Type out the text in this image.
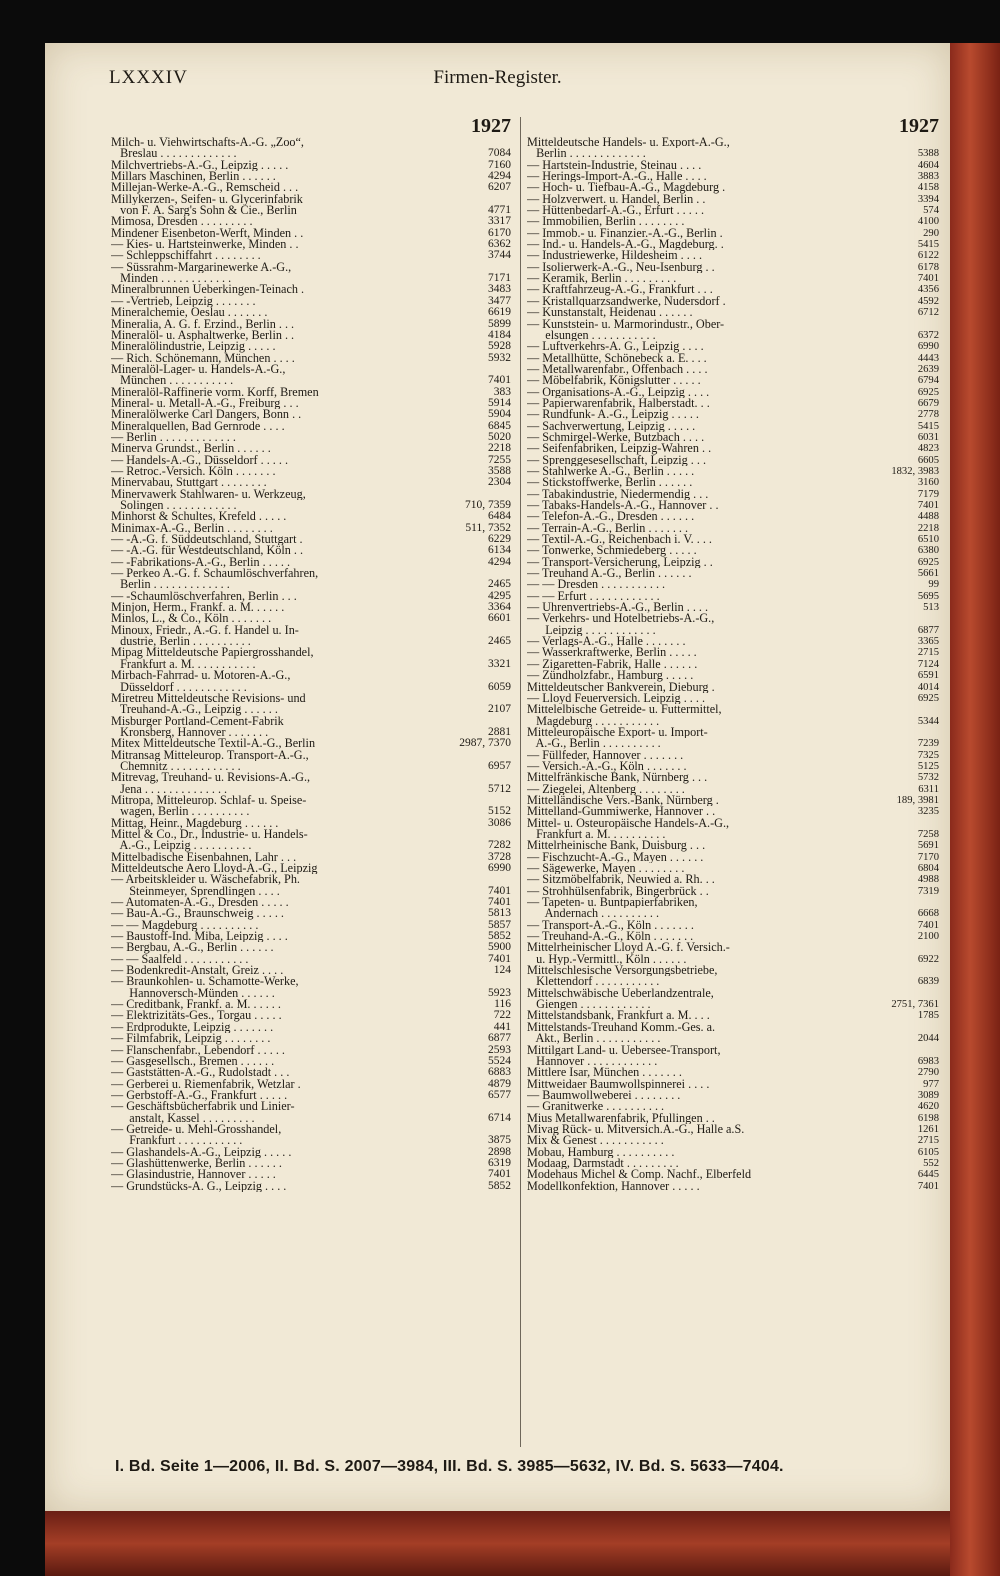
LXXXIV	Firmen-Register.
1927
Milch- u. Viehwirtschafts-A.-G. „Zoo“,
Breslau . . . . . . . . . . . . .	7084
Milchvertriebs-A.-G., Leipzig . . . . .	7160
Millars Maschinen, Berlin . . . . . .	4294
Millejan-Werke-A.-G., Remscheid . . .	6207
Millykerzen-, Seifen- u. Glycerinfabrik
von F. A. Sarg's Sohn & Cie., Berlin	4771
Mimosa, Dresden . . . . . . . . .	3317
Mindener Eisenbeton-Werft, Minden . .	6170
— Kies- u. Hartsteinwerke, Minden . .	6362
— Schleppschiffahrt . . . . . . . .	3744
— Süssrahm-Margarinewerke A.-G.,
Minden . . . . . . . . . . . .	7171
Mineralbrunnen Ueberkingen-Teinach .	3483
— -Vertrieb, Leipzig . . . . . . .	3477
Mineralchemie, Oeslau . . . . . . .	6619
Mineralia, A. G. f. Erzind., Berlin . . .	5899
Mineralöl- u. Asphaltwerke, Berlin . .	4184
Mineralölindustrie, Leipzig . . . . .	5928
— Rich. Schönemann, München . . . .	5932
Mineralöl-Lager- u. Handels-A.-G.,
München . . . . . . . . . . .	7401
Mineralöl-Raffinerie vorm. Korff, Bremen	383
Mineral- u. Metall-A.-G., Freiburg . . .	5914
Mineralölwerke Carl Dangers, Bonn . .	5904
Mineralquellen, Bad Gernrode . . . .	6845
— Berlin . . . . . . . . . . . . .	5020
Minerva Grundst., Berlin . . . . . .	2218
— Handels-A.-G., Düsseldorf . . . . .	7255
— Retroc.-Versich. Köln . . . . . . .	3588
Minervabau, Stuttgart . . . . . . . .	2304
Minervawerk Stahlwaren- u. Werkzeug,
Solingen . . . . . . . . . . . .	710, 7359
Minhorst & Schultes, Krefeld . . . . .	6484
Minimax-A.-G., Berlin . . . . . . . .	511, 7352
— -A.-G. f. Süddeutschland, Stuttgart .	6229
— -A.-G. für Westdeutschland, Köln . .	6134
— -Fabrikations-A.-G., Berlin . . . . .	4294
— Perkeo A.-G. f. Schaumlöschverfahren,
Berlin . . . . . . . . . . . . .	2465
— -Schaumlöschverfahren, Berlin . . .	4295
Minjon, Herm., Frankf. a. M. . . . . .	3364
Minlos, L., & Co., Köln . . . . . . .	6601
Minoux, Friedr., A.-G. f. Handel u. In-
dustrie, Berlin . . . . . . . . . .	2465
Mipag Mitteldeutsche Papiergrosshandel,
Frankfurt a. M. . . . . . . . . . .	3321
Mirbach-Fahrrad- u. Motoren-A.-G.,
Düsseldorf . . . . . . . . . . . .	6059
Miretreu Mitteldeutsche Revisions- und
Treuhand-A.-G., Leipzig . . . . . .	2107
Misburger Portland-Cement-Fabrik
Kronsberg, Hannover . . . . . . .	2881
Mitex Mitteldeutsche Textil-A.-G., Berlin	2987, 7370
Mitransag Mitteleurop. Transport-A.-G.,
Chemnitz . . . . . . . . . . . .	6957
Mitrevag, Treuhand- u. Revisions-A.-G.,
Jena . . . . . . . . . . . . . .	5712
Mitropa, Mitteleurop. Schlaf- u. Speise-
wagen, Berlin . . . . . . . . . .	5152
Mittag, Heinr., Magdeburg . . . . . .	3086
Mittel & Co., Dr., Industrie- u. Handels-
A.-G., Leipzig . . . . . . . . . .	7282
Mittelbadische Eisenbahnen, Lahr . . .	3728
Mitteldeutsche Aero Lloyd-A.-G., Leipzig	6990
— Arbeitskleider u. Wäschefabrik, Ph.
Steinmeyer, Sprendlingen . . . .	7401
— Automaten-A.-G., Dresden . . . . .	7401
— Bau-A.-G., Braunschweig . . . . .	5813
— — Magdeburg . . . . . . . . . .	5857
— Baustoff-Ind. Miba, Leipzig . . . .	5852
— Bergbau, A.-G., Berlin . . . . . .	5900
— — Saalfeld . . . . . . . . . . .	7401
— Bodenkredit-Anstalt, Greiz . . . .	124
— Braunkohlen- u. Schamotte-Werke,
Hannoversch-Münden . . . . . .	5923
— Creditbank, Frankf. a. M. . . . . .	116
— Elektrizitäts-Ges., Torgau . . . . .	722
— Erdprodukte, Leipzig . . . . . . .	441
— Filmfabrik, Leipzig . . . . . . . .	6877
— Flanschenfabr., Lebendorf . . . . .	2593
— Gasgesellsch., Bremen . . . . . .	5524
— Gaststätten-A.-G., Rudolstadt . . .	6883
— Gerberei u. Riemenfabrik, Wetzlar .	4879
— Gerbstoff-A.-G., Frankfurt . . . . .	6577
— Geschäftsbücherfabrik und Linier-
anstalt, Kassel . . . . . . . . .	6714
— Getreide- u. Mehl-Grosshandel,
Frankfurt . . . . . . . . . . .	3875
— Glashandels-A.-G., Leipzig . . . . .	2898
— Glashüttenwerke, Berlin . . . . . .	6319
— Glasindustrie, Hannover . . . . .	7401
— Grundstücks-A. G., Leipzig . . . .	5852
1927
Mitteldeutsche Handels- u. Export-A.-G.,
Berlin . . . . . . . . . . . . .	5388
— Hartstein-Industrie, Steinau . . . .	4604
— Herings-Import-A.-G., Halle . . . .	3883
— Hoch- u. Tiefbau-A.-G., Magdeburg .	4158
— Holzverwert. u. Handel, Berlin . .	3394
— Hüttenbedarf-A.-G., Erfurt . . . . .	574
— Immobilien, Berlin . . . . . . . .	4100
— Immob.- u. Finanzier.-A.-G., Berlin .	290
— Ind.- u. Handels-A.-G., Magdeburg. .	5415
— Industriewerke, Hildesheim . . . .	6122
— Isolierwerk-A.-G., Neu-Isenburg . .	6178
— Keramik, Berlin . . . . . . . . .	7401
— Kraftfahrzeug-A.-G., Frankfurt . . .	4356
— Kristallquarzsandwerke, Nudersdorf .	4592
— Kunstanstalt, Heidenau . . . . . .	6712
— Kunststein- u. Marmorindustr., Ober-
elsungen . . . . . . . . . . .	6372
— Luftverkehrs-A. G., Leipzig . . . .	6990
— Metallhütte, Schönebeck a. E. . . .	4443
— Metallwarenfabr., Offenbach . . . .	2639
— Möbelfabrik, Königslutter . . . . .	6794
— Organisations-A.-G., Leipzig . . . .	6925
— Papierwarenfabrik, Halberstadt. . .	6679
— Rundfunk- A.-G., Leipzig . . . . .	2778
— Sachverwertung, Leipzig . . . . .	5415
— Schmirgel-Werke, Butzbach . . . .	6031
— Seifenfabriken, Leipzig-Wahren . .	4823
— Sprenggesesellschaft, Leipzig . . .	6605
— Stahlwerke A.-G., Berlin . . . . .	1832, 3983
— Stickstoffwerke, Berlin . . . . . .	3160
— Tabakindustrie, Niedermendig . . .	7179
— Tabaks-Handels-A.-G., Hannover . .	7401
— Telefon-A.-G., Dresden . . . . . .	4488
— Terrain-A.-G., Berlin . . . . . . .	2218
— Textil-A.-G., Reichenbach i. V. . . .	6510
— Tonwerke, Schmiedeberg . . . . .	6380
— Transport-Versicherung, Leipzig . .	6925
— Treuhand A.-G., Berlin . . . . . .	5661
— — Dresden . . . . . . . . . . .	99
— — Erfurt . . . . . . . . . . . .	5695
— Uhrenvertriebs-A.-G., Berlin . . . .	513
— Verkehrs- und Hotelbetriebs-A.-G.,
Leipzig . . . . . . . . . . . .	6877
— Verlags-A.-G., Halle . . . . . . .	3365
— Wasserkraftwerke, Berlin . . . . .	2715
— Zigaretten-Fabrik, Halle . . . . . .	7124
— Zündholzfabr., Hamburg . . . . .	6591
Mitteldeutscher Bankverein, Dieburg .	4014
— Lloyd Feuerversich. Leipzig . . . .	6925
Mittelelbische Getreide- u. Futtermittel,
Magdeburg . . . . . . . . . . .	5344
Mitteleuropäische Export- u. Import-
A.-G., Berlin . . . . . . . . . .	7239
— Füllfeder, Hannover . . . . . . .	7325
— Versich.-A.-G., Köln . . . . . . .	5125
Mittelfränkische Bank, Nürnberg . . .	5732
— Ziegelei, Altenberg . . . . . . . .	6311
Mittelländische Vers.-Bank, Nürnberg .	189, 3981
Mittelland-Gummiwerke, Hannover . .	3235
Mittel- u. Osteuropäische Handels-A.-G.,
Frankfurt a. M. . . . . . . . . .	7258
Mittelrheinische Bank, Duisburg . . .	5691
— Fischzucht-A.-G., Mayen . . . . . .	7170
— Sägewerke, Mayen . . . . . . . .	6804
— Sitzmöbelfabrik, Neuwied a. Rh. . .	4988
— Strohhülsenfabrik, Bingerbrück . .	7319
— Tapeten- u. Buntpapierfabriken,
Andernach . . . . . . . . . .	6668
— Transport-A.-G., Köln . . . . . . .	7401
— Treuhand-A.-G., Köln . . . . . . .	2100
Mittelrheinischer Lloyd A.-G. f. Versich.-
u. Hyp.-Vermittl., Köln . . . . . .	6922
Mittelschlesische Versorgungsbetriebe,
Klettendorf . . . . . . . . . . .	6839
Mittelschwäbische Ueberlandzentrale,
Giengen . . . . . . . . . . . .	2751, 7361
Mittelstandsbank, Frankfurt a. M. . . .	1785
Mittelstands-Treuhand Komm.-Ges. a.
Akt., Berlin . . . . . . . . . . .	2044
Mittilgart Land- u. Uebersee-Transport,
Hannover . . . . . . . . . . . .	6983
Mittlere Isar, München . . . . . . .	2790
Mittweidaer Baumwollspinnerei . . . .	977
— Baumwollweberei . . . . . . . .	3089
— Granitwerke . . . . . . . . . .	4620
Mius Metallwarenfabrik, Pfullingen . .	6198
Mivag Rück- u. Mitversich.A.-G., Halle a.S.	1261
Mix & Genest . . . . . . . . . . .	2715
Mobau, Hamburg . . . . . . . . . .	6105
Modaag, Darmstadt . . . . . . . . .	552
Modehaus Michel & Comp. Nachf., Elberfeld	6445
Modellkonfektion, Hannover . . . . .	7401
I. Bd. Seite 1—2006, II. Bd. S. 2007—3984, III. Bd. S. 3985—5632, IV. Bd. S. 5633—7404.
